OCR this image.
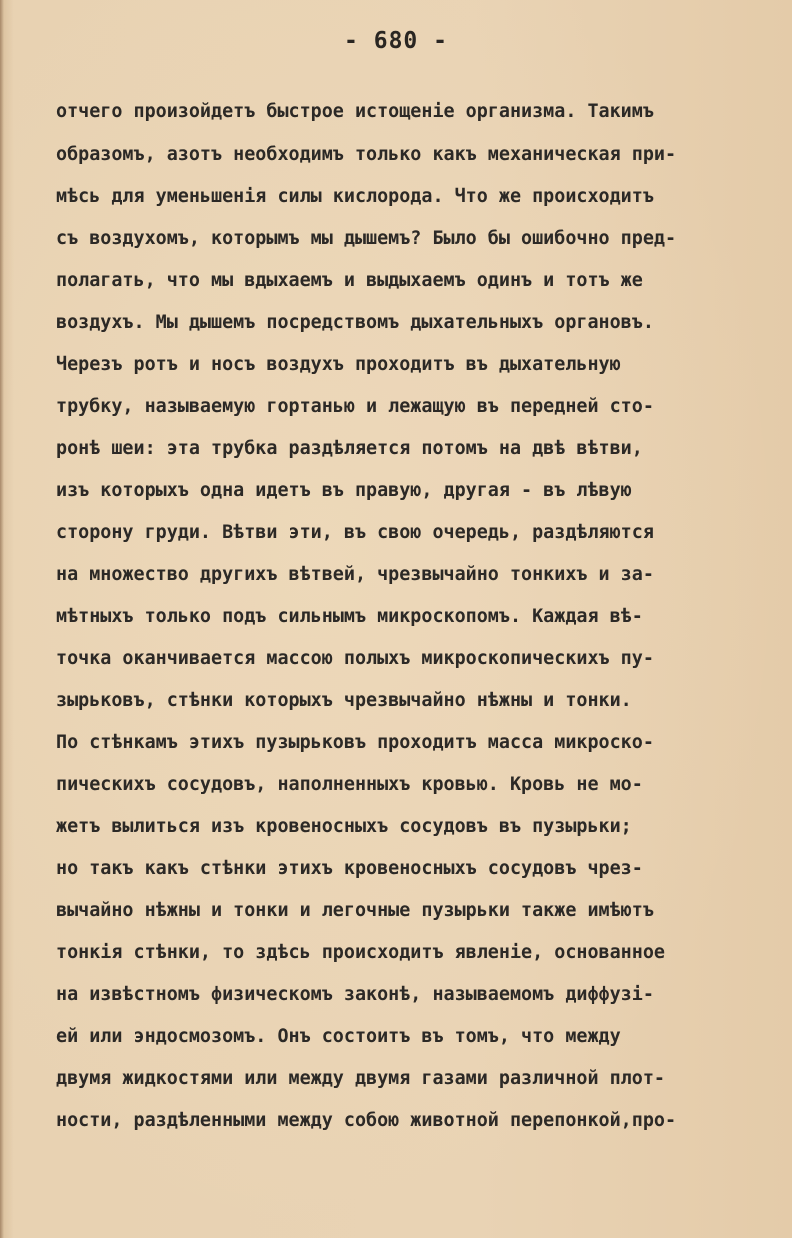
- 680 -
отчего произойдетъ быстрое истощенiе организма. Такимъ
образомъ, азотъ необходимъ только какъ механическая при-
мѣсь для уменьшенiя силы кислорода. Что же происходитъ
съ воздухомъ, которымъ мы дышемъ? Было бы ошибочно пред-
полагать, что мы вдыхаемъ и выдыхаемъ одинъ и тотъ же
воздухъ. Мы дышемъ посредствомъ дыхательныхъ органовъ.
Черезъ ротъ и носъ воздухъ проходитъ въ дыхательную
трубку, называемую гортанью и лежащую въ передней сто-
ронѣ шеи: эта трубка раздѣляется потомъ на двѣ вѣтви,
изъ которыхъ одна идетъ въ правую, другая - въ лѣвую
сторону груди. Вѣтви эти, въ свою очередь, раздѣляются
на множество другихъ вѣтвей, чрезвычайно тонкихъ и за-
мѣтныхъ только подъ сильнымъ микроскопомъ. Каждая вѣ-
точка оканчивается массою полыхъ микроскопическихъ пу-
зырьковъ, стѣнки которыхъ чрезвычайно нѣжны и тонки.
По стѣнкамъ этихъ пузырьковъ проходитъ масса микроско-
пическихъ сосудовъ, наполненныхъ кровью. Кровь не мо-
жетъ вылиться изъ кровеносныхъ сосудовъ въ пузырьки;
но такъ какъ стѣнки этихъ кровеносныхъ сосудовъ чрез-
вычайно нѣжны и тонки и легочные пузырьки также имѣютъ
тонкiя стѣнки, то здѣсь происходитъ явленiе, основанное
на извѣстномъ физическомъ законѣ, называемомъ диффузi-
ей или эндосмозомъ. Онъ состоитъ въ томъ, что между
двумя жидкостями или между двумя газами различной плот-
ности, раздѣленными между собою животной перепонкой,про-
